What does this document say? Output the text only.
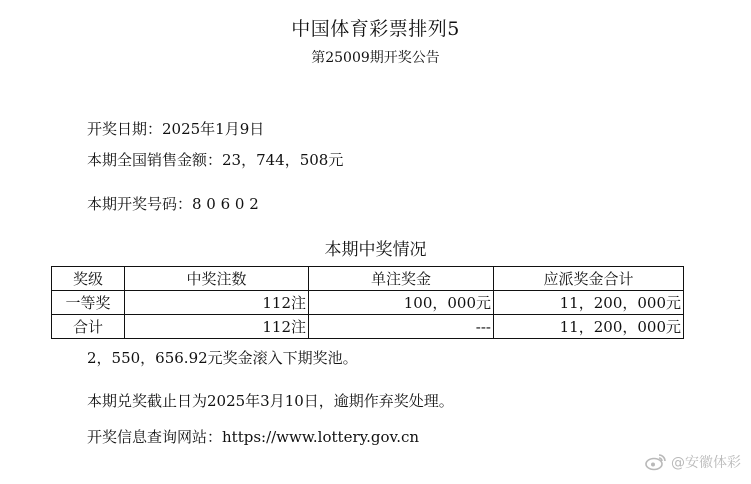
中国体育彩票排列5
第25009期开奖公告
开奖日期：2025年1月9日
本期全国销售金额：23，744，508元
本期开奖号码：8 0 6 0 2
本期中奖情况
奖级	中奖注数	单注奖金	应派奖金合计
一等奖	112注	100，000元	11，200，000元
合计	112注	---	11，200，000元
2，550，656.92元奖金滚入下期奖池。
本期兑奖截止日为2025年3月10日，逾期作弃奖处理。
开奖信息查询网站：https://www.lottery.gov.cn
@安徽体彩
